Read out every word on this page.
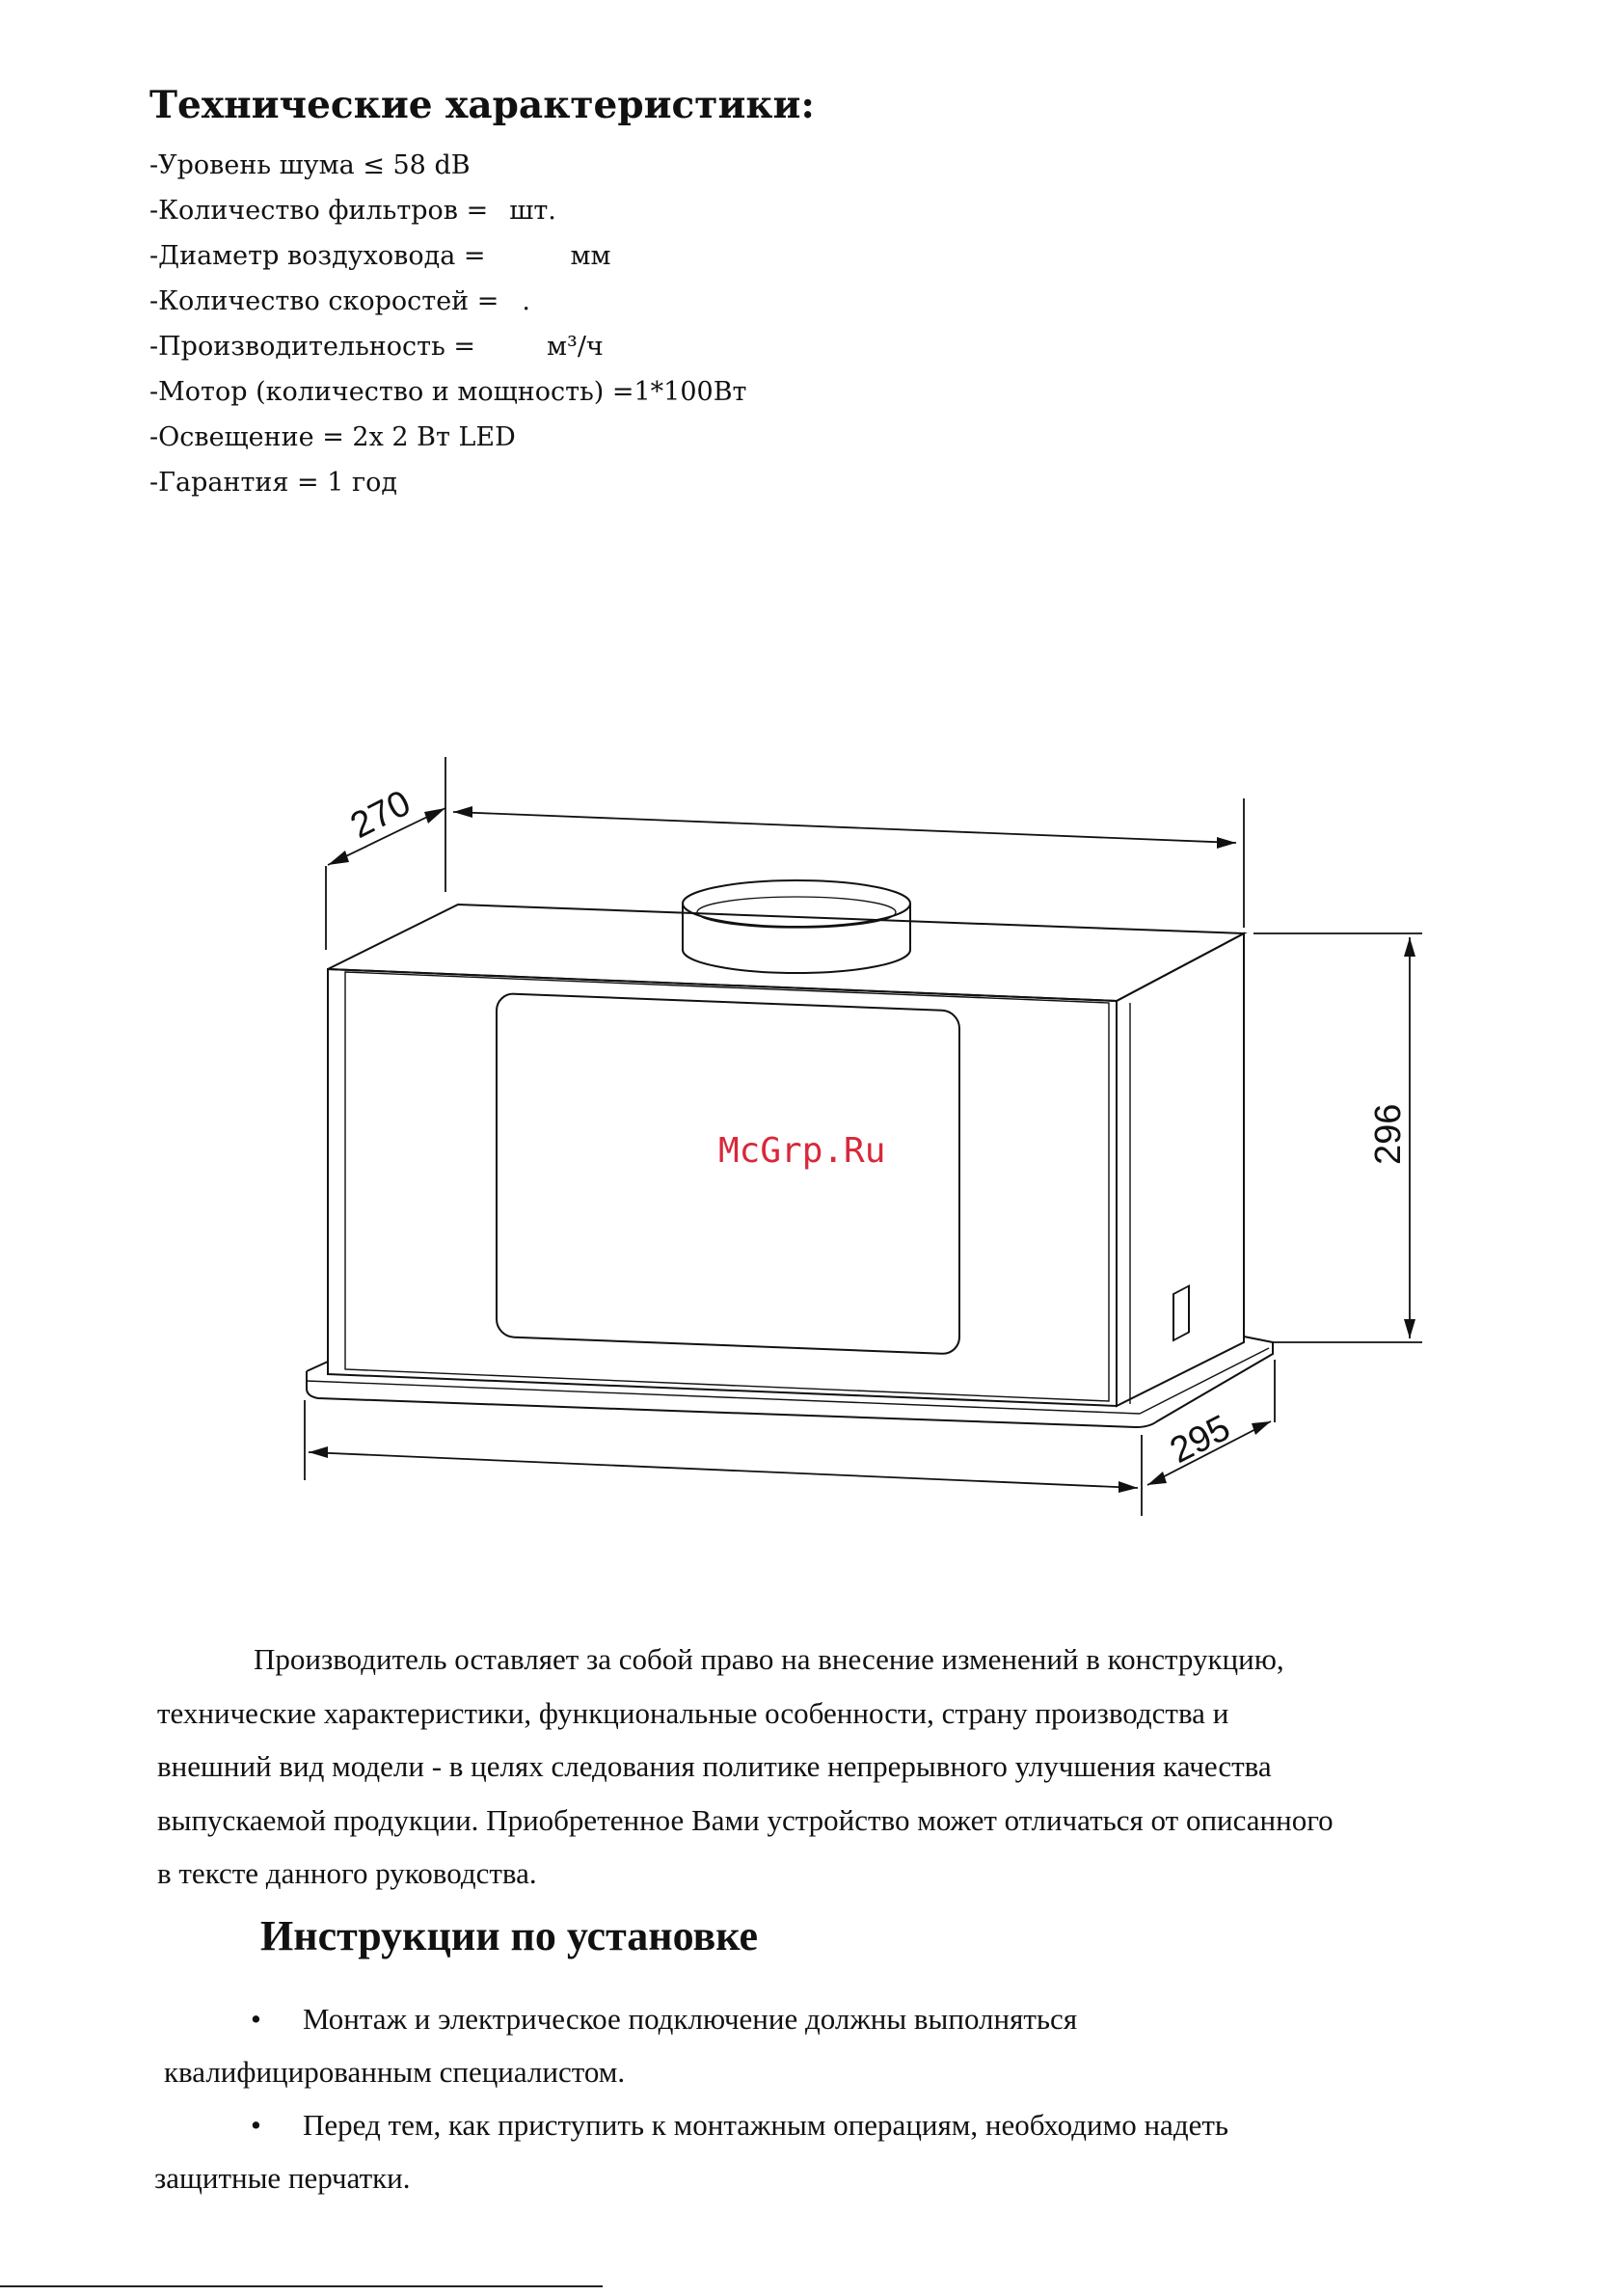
Технические характеристики:
-Уровень шума ≤ 58 dB
-Количество фильтров = шт.
-Диаметр воздуховода =	мм
-Количество скоростей = .
-Производительность =	м³/ч
-Мотор (количество и мощность) =1*100Вт
-Освещение = 2x 2 Вт LED
-Гарантия = 1 год
270
296
295
McGrp.Ru
Производитель оставляет за собой право на внесение изменений в конструкцию,
технические характеристики, функциональные особенности, страну производства и
внешний вид модели - в целях следования политике непрерывного улучшения качества
выпускаемой продукции. Приобретенное Вами устройство может отличаться от описанного
в тексте данного руководства.
Инструкции по установке
• Монтаж и электрическое подключение должны выполняться
квалифицированным специалистом.
• Перед тем, как приступить к монтажным операциям, необходимо надеть
защитные перчатки.
